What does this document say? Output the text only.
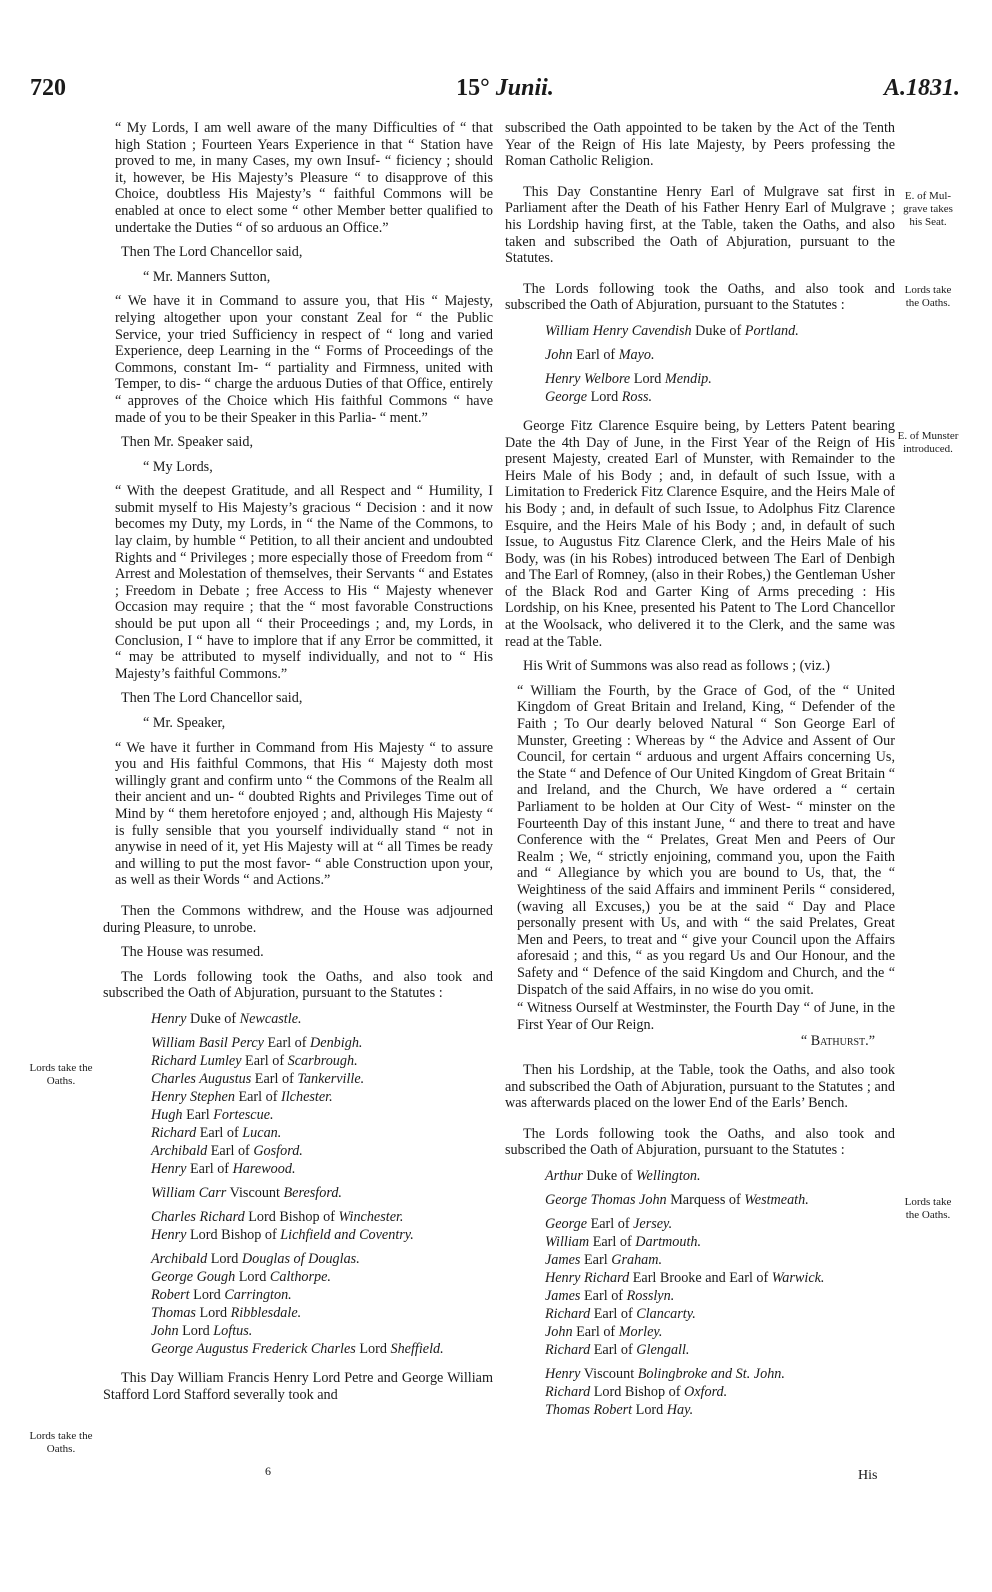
720	15° Junii.	A.1831.

“ My Lords, I am well aware of the many Difficulties of “ that high Station ; Fourteen Years Experience in that “ Station have proved to me, in many Cases, my own Insuf- “ ficiency ; should it, however, be His Majesty’s Pleasure “ to disapprove of this Choice, doubtless His Majesty’s “ faithful Commons will be enabled at once to elect some “ other Member better qualified to undertake the Duties “ of so arduous an Office.”

Then The Lord Chancellor said,

“ Mr. Manners Sutton,

“ We have it in Command to assure you, that His “ Majesty, relying altogether upon your constant Zeal for “ the Public Service, your tried Sufficiency in respect of “ long and varied Experience, deep Learning in the “ Forms of Proceedings of the Commons, constant Im- “ partiality and Firmness, united with Temper, to dis- “ charge the arduous Duties of that Office, entirely “ approves of the Choice which His faithful Commons “ have made of you to be their Speaker in this Parlia- “ ment.”

Then Mr. Speaker said,

“ My Lords,

“ With the deepest Gratitude, and all Respect and “ Humility, I submit myself to His Majesty’s gracious “ Decision : and it now becomes my Duty, my Lords, in “ the Name of the Commons, to lay claim, by humble “ Petition, to all their ancient and undoubted Rights and “ Privileges ; more especially those of Freedom from “ Arrest and Molestation of themselves, their Servants “ and Estates ; Freedom in Debate ; free Access to His “ Majesty whenever Occasion may require ; that the “ most favorable Constructions should be put upon all “ their Proceedings ; and, my Lords, in Conclusion, I “ have to implore that if any Error be committed, it “ may be attributed to myself individually, and not to “ His Majesty’s faithful Commons.”

Then The Lord Chancellor said,

“ Mr. Speaker,

“ We have it further in Command from His Majesty “ to assure you and His faithful Commons, that His “ Majesty doth most willingly grant and confirm unto “ the Commons of the Realm all their ancient and un- “ doubted Rights and Privileges Time out of Mind by “ them heretofore enjoyed ; and, although His Majesty “ is fully sensible that you yourself individually stand “ not in anywise in need of it, yet His Majesty will at “ all Times be ready and willing to put the most favor- “ able Construction upon your, as well as their Words “ and Actions.”

Then the Commons withdrew, and the House was adjourned during Pleasure, to unrobe.

The House was resumed.

The Lords following took the Oaths, and also took and subscribed the Oath of Abjuration, pursuant to the Statutes :

Henry Duke of Newcastle.
William Basil Percy Earl of Denbigh.
Richard Lumley Earl of Scarbrough.
Charles Augustus Earl of Tankerville.
Henry Stephen Earl of Ilchester.
Hugh Earl Fortescue.
Richard Earl of Lucan.
Archibald Earl of Gosford.
Henry Earl of Harewood.
William Carr Viscount Beresford.
Charles Richard Lord Bishop of Winchester.
Henry Lord Bishop of Lichfield and Coventry.
Archibald Lord Douglas of Douglas.
George Gough Lord Calthorpe.
Robert Lord Carrington.
Thomas Lord Ribblesdale.
John Lord Loftus.
George Augustus Frederick Charles Lord Sheffield.

This Day William Francis Henry Lord Petre and George William Stafford Lord Stafford severally took and

subscribed the Oath appointed to be taken by the Act of the Tenth Year of the Reign of His late Majesty, by Peers professing the Roman Catholic Religion.

This Day Constantine Henry Earl of Mulgrave sat first in Parliament after the Death of his Father Henry Earl of Mulgrave ; his Lordship having first, at the Table, taken the Oaths, and also taken and subscribed the Oath of Abjuration, pursuant to the Statutes.

The Lords following took the Oaths, and also took and subscribed the Oath of Abjuration, pursuant to the Statutes :

William Henry Cavendish Duke of Portland.
John Earl of Mayo.
Henry Welbore Lord Mendip.
George Lord Ross.

George Fitz Clarence Esquire being, by Letters Patent bearing Date the 4th Day of June, in the First Year of the Reign of His present Majesty, created Earl of Munster, with Remainder to the Heirs Male of his Body ; and, in default of such Issue, with a Limitation to Frederick Fitz Clarence Esquire, and the Heirs Male of his Body ; and, in default of such Issue, to Adolphus Fitz Clarence Esquire, and the Heirs Male of his Body ; and, in default of such Issue, to Augustus Fitz Clarence Clerk, and the Heirs Male of his Body, was (in his Robes) introduced between The Earl of Denbigh and The Earl of Romney, (also in their Robes,) the Gentleman Usher of the Black Rod and Garter King of Arms preceding : His Lordship, on his Knee, presented his Patent to The Lord Chancellor at the Woolsack, who delivered it to the Clerk, and the same was read at the Table.

His Writ of Summons was also read as follows ; (viz.)

“ William the Fourth, by the Grace of God, of the “ United Kingdom of Great Britain and Ireland, King, “ Defender of the Faith ; To Our dearly beloved Natural “ Son George Earl of Munster, Greeting : Whereas by “ the Advice and Assent of Our Council, for certain “ arduous and urgent Affairs concerning Us, the State “ and Defence of Our United Kingdom of Great Britain “ and Ireland, and the Church, We have ordered a “ certain Parliament to be holden at Our City of West- “ minster on the Fourteenth Day of this instant June, “ and there to treat and have Conference with the “ Prelates, Great Men and Peers of Our Realm ; We, “ strictly enjoining, command you, upon the Faith and “ Allegiance by which you are bound to Us, that, the “ Weightiness of the said Affairs and imminent Perils “ considered, (waving all Excuses,) you be at the said “ Day and Place personally present with Us, and with “ the said Prelates, Great Men and Peers, to treat and “ give your Council upon the Affairs aforesaid ; and this, “ as you regard Us and Our Honour, and the Safety and “ Defence of the said Kingdom and Church, and the “ Dispatch of the said Affairs, in no wise do you omit.

“ Witness Ourself at Westminster, the Fourth Day “ of June, in the First Year of Our Reign.

“ Bathurst.”

Then his Lordship, at the Table, took the Oaths, and also took and subscribed the Oath of Abjuration, pursuant to the Statutes ; and was afterwards placed on the lower End of the Earls’ Bench.

The Lords following took the Oaths, and also took and subscribed the Oath of Abjuration, pursuant to the Statutes :

Arthur Duke of Wellington.
George Thomas John Marquess of Westmeath.
George Earl of Jersey.
William Earl of Dartmouth.
James Earl Graham.
Henry Richard Earl Brooke and Earl of Warwick.
James Earl of Rosslyn.
Richard Earl of Clancarty.
John Earl of Morley.
Richard Earl of Glengall.
Henry Viscount Bolingbroke and St. John.
Richard Lord Bishop of Oxford.
Thomas Robert Lord Hay.
Lords take the Oaths.
Lords take the Oaths.
E. of Mul- grave takes his Seat.
Lords take the Oaths.
E. of Munster introduced.
Lords take the Oaths.
6	His
